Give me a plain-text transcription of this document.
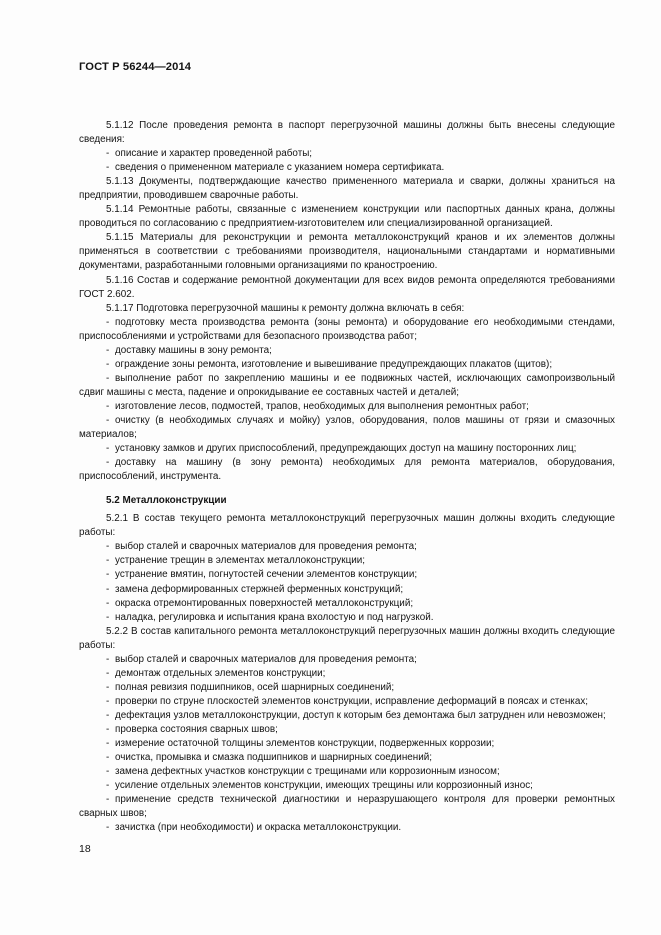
ГОСТ Р 56244—2014

5.1.12 После проведения ремонта в паспорт перегрузочной машины должны быть внесены следующие сведения:

- описание и характер проведенной работы;
- сведения о примененном материале с указанием номера сертификата.

5.1.13 Документы, подтверждающие качество примененного материала и сварки, должны храниться на предприятии, проводившем сварочные работы.

5.1.14 Ремонтные работы, связанные с изменением конструкции или паспортных данных крана, должны проводиться по согласованию с предприятием-изготовителем или специализированной организацией.

5.1.15 Материалы для реконструкции и ремонта металлоконструкций кранов и их элементов должны применяться в соответствии с требованиями производителя, национальными стандартами и нормативными документами, разработанными головными организациями по краностроению.

5.1.16 Состав и содержание ремонтной документации для всех видов ремонта определяются требованиями ГОСТ 2.602.

5.1.17 Подготовка перегрузочной машины к ремонту должна включать в себя:

- подготовку места производства ремонта (зоны ремонта) и оборудование его необходимыми стендами, приспособлениями и устройствами для безопасного производства работ;
- доставку машины в зону ремонта;
- ограждение зоны ремонта, изготовление и вывешивание предупреждающих плакатов (щитов);
- выполнение работ по закреплению машины и ее подвижных частей, исключающих самопроизвольный сдвиг машины с места, падение и опрокидывание ее составных частей и деталей;
- изготовление лесов, подмостей, трапов, необходимых для выполнения ремонтных работ;
- очистку (в необходимых случаях и мойку) узлов, оборудования, полов машины от грязи и смазочных материалов;
- установку замков и других приспособлений, предупреждающих доступ на машину посторонних лиц;
- доставку на машину (в зону ремонта) необходимых для ремонта материалов, оборудования, приспособлений, инструмента.
5.2 Металлоконструкции

5.2.1 В состав текущего ремонта металлоконструкций перегрузочных машин должны входить следующие работы:

- выбор сталей и сварочных материалов для проведения ремонта;
- устранение трещин в элементах металлоконструкции;
- устранение вмятин, погнутостей сечении элементов конструкции;
- замена деформированных стержней ферменных конструкций;
- окраска отремонтированных поверхностей металлоконструкций;
- наладка, регулировка и испытания крана вхолостую и под нагрузкой.

5.2.2 В состав капитального ремонта металлоконструкций перегрузочных машин должны входить следующие работы:

- выбор сталей и сварочных материалов для проведения ремонта;
- демонтаж отдельных элементов конструкции;
- полная ревизия подшипников, осей шарнирных соединений;
- проверки по струне плоскостей элементов конструкции, исправление деформаций в поясах и стенках;
- дефектация узлов металлоконструкции, доступ к которым без демонтажа был затруднен или невозможен;
- проверка состояния сварных швов;
- измерение остаточной толщины элементов конструкции, подверженных коррозии;
- очистка, промывка и смазка подшипников и шарнирных соединений;
- замена дефектных участков конструкции с трещинами или коррозионным износом;
- усиление отдельных элементов конструкции, имеющих трещины или коррозионный износ;
- применение средств технической диагностики и неразрушающего контроля для проверки ремонтных сварных швов;
- зачистка (при необходимости) и окраска металлоконструкции.
18
